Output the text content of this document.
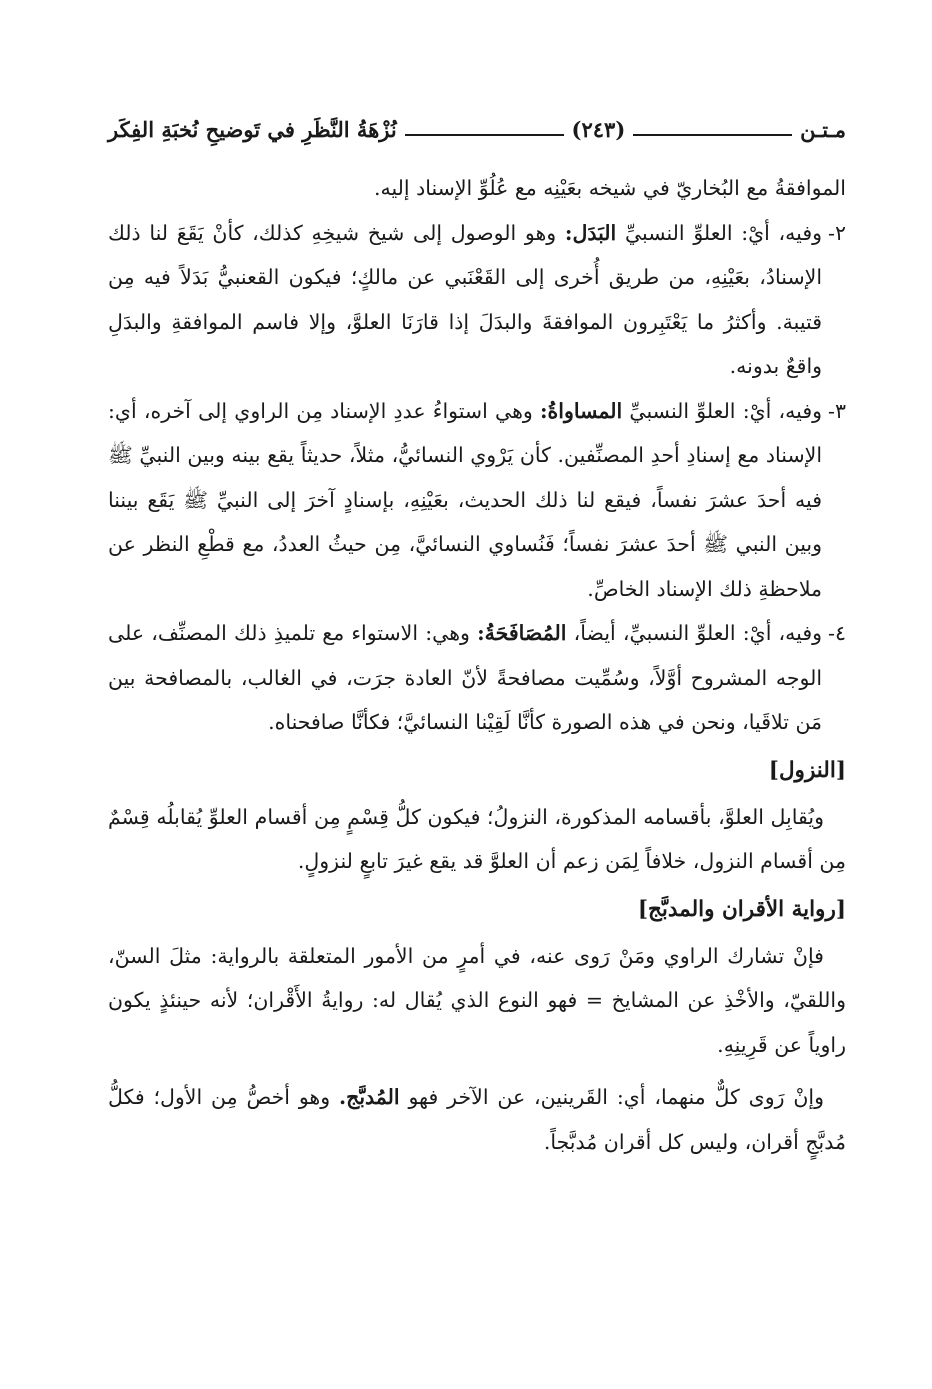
مـتـن
(٢٤٣)
نُزْهَةُ النَّظَرِ في تَوضيحِ نُخبَةِ الفِكَر

الموافقةُ مع البُخاريّ في شيخه بعَيْنِه مع عُلُوِّ الإسناد إليه.

٢-
وفيه، أيْ: العلوِّ النسبيِّ البَدَل: وهو الوصول إلى شيخ شيخِهِ كذلك، كأنْ يَقَعَ لنا ذلك الإسنادُ، بعَيْنِهِ، من طريق أُخرى إلى القَعْنَبي عن مالكٍ؛ فيكون القعنبيُّ بَدَلاً فيه مِن قتيبة. وأكثرُ ما يَعْتَبِرون الموافقةَ والبدَلَ إذا قارَنَا العلوَّ، وإلا فاسم الموافقةِ والبدَلِ واقعٌ بدونه.
٣-
وفيه، أيْ: العلوِّ النسبيِّ المساواةُ: وهي استواءُ عددِ الإسناد مِن الراوي إلى آخره، أي: الإسناد مع إسنادِ أحدِ المصنِّفين. كأن يَرْوي النسائيُّ، مثلاً، حديثاً يقع بينه وبين النبيِّ ﷺ فيه أحدَ عشرَ نفساً، فيقع لنا ذلك الحديث، بعَيْنِهِ، بإسنادٍ آخرَ إلى النبيِّ ﷺ يَقَع بيننا وبين النبي ﷺ أحدَ عشرَ نفساً؛ فَنُساوي النسائيَّ، مِن حيثُ العددُ، مع قطْعِ النظر عن ملاحظةِ ذلك الإسناد الخاصِّ.
٤-
وفيه، أيْ: العلوِّ النسبيِّ، أيضاً، المُصَافَحَةُ: وهي: الاستواء مع تلميذِ ذلك المصنِّف، على الوجه المشروح أوَّلاً، وسُمِّيت مصافحةً لأنّ العادة جرَت، في الغالب، بالمصافحة بين مَن تلاقَيا، ونحن في هذه الصورة كأنَّا لَقِيْنا النسائيَّ؛ فكأنَّا صافحناه.
[النزول]

ويُقابِل العلوَّ، بأقسامه المذكورة، النزولُ؛ فيكون كلُّ قِسْمٍ مِن أقسام العلوِّ يُقابلُه قِسْمٌ مِن أقسام النزول، خلافاً لِمَن زعم أن العلوَّ قد يقع غيرَ تابعٍ لنزولٍ.

[رواية الأقران والمدبَّج]

فإنْ تشارك الراوي ومَنْ رَوى عنه، في أمرٍ من الأمور المتعلقة بالرواية: مثلَ السنّ، واللقيّ، والأخْذِ عن المشايخ = فهو النوع الذي يُقال له: روايةُ الأَقْران؛ لأنه حينئذٍ يكون راوياً عن قَرِينِهِ.

وإنْ رَوى كلٌّ منهما، أي: القَرينين، عن الآخر فهو المُدبَّج. وهو أخصُّ مِن الأول؛ فكلُّ مُدبَّجٍ أقران، وليس كل أقران مُدبَّجاً.
